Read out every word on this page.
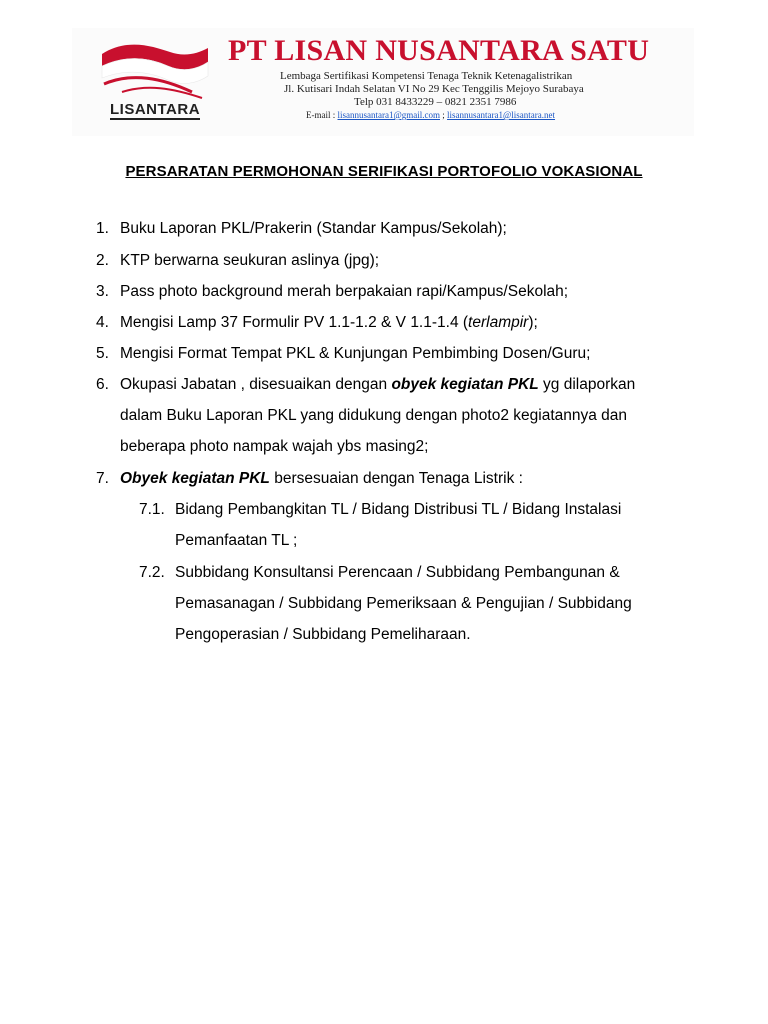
LISANTARA
PT LISAN NUSANTARA SATU
Lembaga Sertifikasi Kompetensi Tenaga Teknik Ketenagalistrikan
Jl. Kutisari Indah Selatan VI No 29 Kec Tenggilis Mejoyo Surabaya
Telp 031 8433229 – 0821 2351 7986
E-mail : lisannusantara1@gmail.com ; lisannusantara1@lisantara.net
PERSARATAN PERMOHONAN SERIFIKASI PORTOFOLIO VOKASIONAL
1. Buku Laporan PKL/Prakerin (Standar Kampus/Sekolah);
2. KTP berwarna seukuran aslinya (jpg);
3. Pass photo background merah berpakaian rapi/Kampus/Sekolah;
4. Mengisi Lamp 37 Formulir PV 1.1-1.2 & V 1.1-1.4 (terlampir);
5. Mengisi Format Tempat PKL & Kunjungan Pembimbing Dosen/Guru;
6. Okupasi Jabatan , disesuaikan dengan obyek kegiatan PKL yg dilaporkan
dalam Buku Laporan PKL yang didukung dengan photo2 kegiatannya dan
beberapa photo nampak wajah ybs masing2;
7. Obyek kegiatan PKL bersesuaian dengan Tenaga Listrik :
7.1. Bidang Pembangkitan TL / Bidang Distribusi TL / Bidang Instalasi
Pemanfaatan TL ;
7.2. Subbidang Konsultansi Perencaan / Subbidang Pembangunan &
Pemasanagan / Subbidang Pemeriksaan & Pengujian / Subbidang
Pengoperasian / Subbidang Pemeliharaan.
